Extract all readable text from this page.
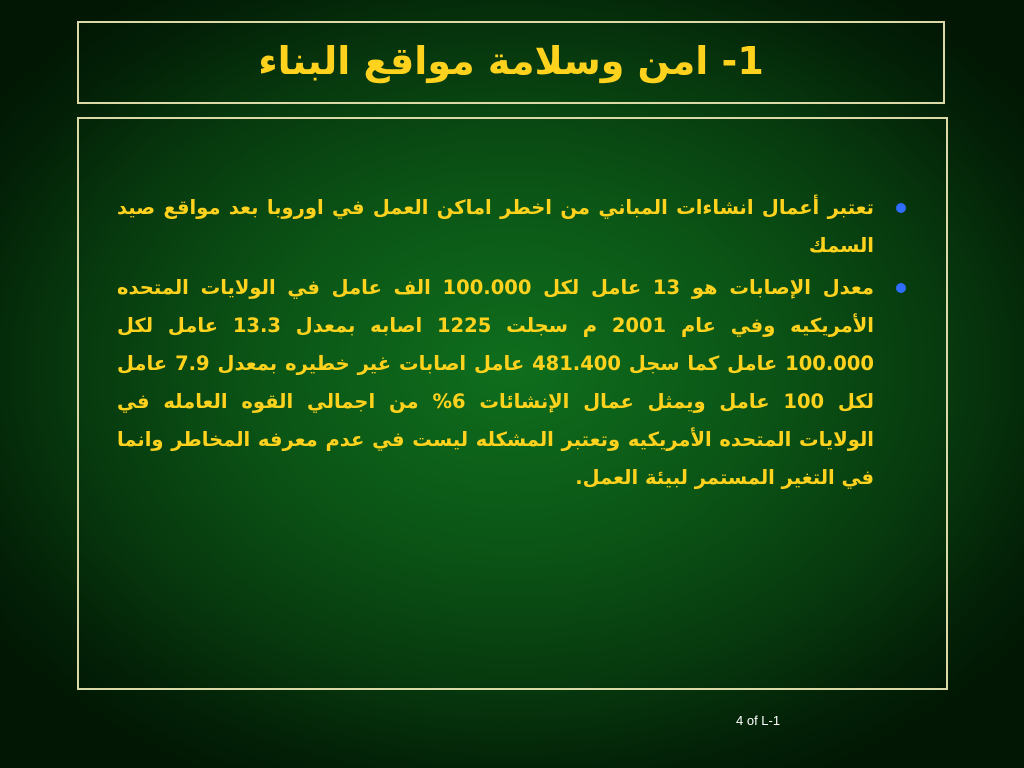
1- امن وسلامة مواقع البناء
تعتبر أعمال انشاءات المباني من اخطر اماكن العمل في اوروبا بعد مواقع صيد السمك
معدل الإصابات هو 13 عامل لكل 100.000 الف عامل في الولايات المتحده الأمريكيه وفي عام 2001 م سجلت 1225 اصابه بمعدل 13.3 عامل لكل 100.000 عامل كما سجل 481.400 عامل اصابات غير خطيره بمعدل 7.9 عامل لكل 100 عامل ويمثل عمال الإنشائات 6% من اجمالي القوه العامله في الولايات المتحده الأمريكيه وتعتبر المشكله ليست في عدم معرفه المخاطر وانما في التغير المستمر لبيئة العمل.
4 of L-1
